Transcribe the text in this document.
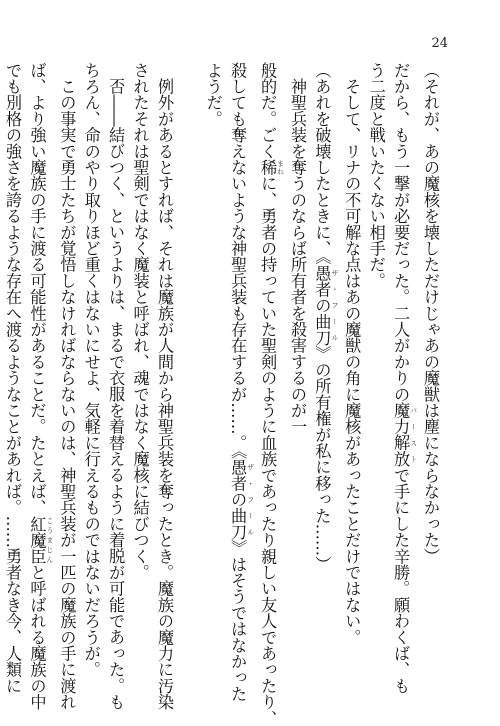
24
（それが、あの魔核を壊しただけじゃあの魔獣は塵にならなかった）
だから、もう一撃が必要だった。二人がかりの魔力解放 バーストで手にした辛勝。願わくば、も
う二度と戦いたくない相手だ。
　そして、リナの不可解な点はあの魔獣の角に魔核があったことだけではない。
（あれを破壊したときに、《愚者の曲刀 ザ・フール》の所有権が私に移った……）
　神聖兵装を奪うのならば所有者を殺害するのが一
般的だ。ごく稀 まれに、勇者の持っていた聖剣のように血族であったり親しい友人であったり、
殺しても奪えないような神聖兵装も存在するが……。《愚者の曲刀 ザ・フール》はそうではなかった
ようだ。
　例外があるとすれば、それは魔族が人間から神聖兵装を奪ったとき。魔族の魔力に汚染
されたそれは聖剣ではなく魔装と呼ばれ、魂ではなく魔核に結びつく。
　否――結びつく、というよりは、まるで衣服を着替えるように着脱が可能であった。も
ちろん、命のやり取りほど重くはないにせよ、気軽に行えるものではないだろうが。
　この事実で勇士たちが覚悟しなければならないのは、神聖兵装が一匹の魔族の手に渡れ
ば、より強い魔族の手に渡る可能性があることだ。たとえば、紅魔臣 こうまじんと呼ばれる魔族の中
でも別格の強さを誇るような存在へ渡るようなことがあれば。……勇者なき今、人類に
